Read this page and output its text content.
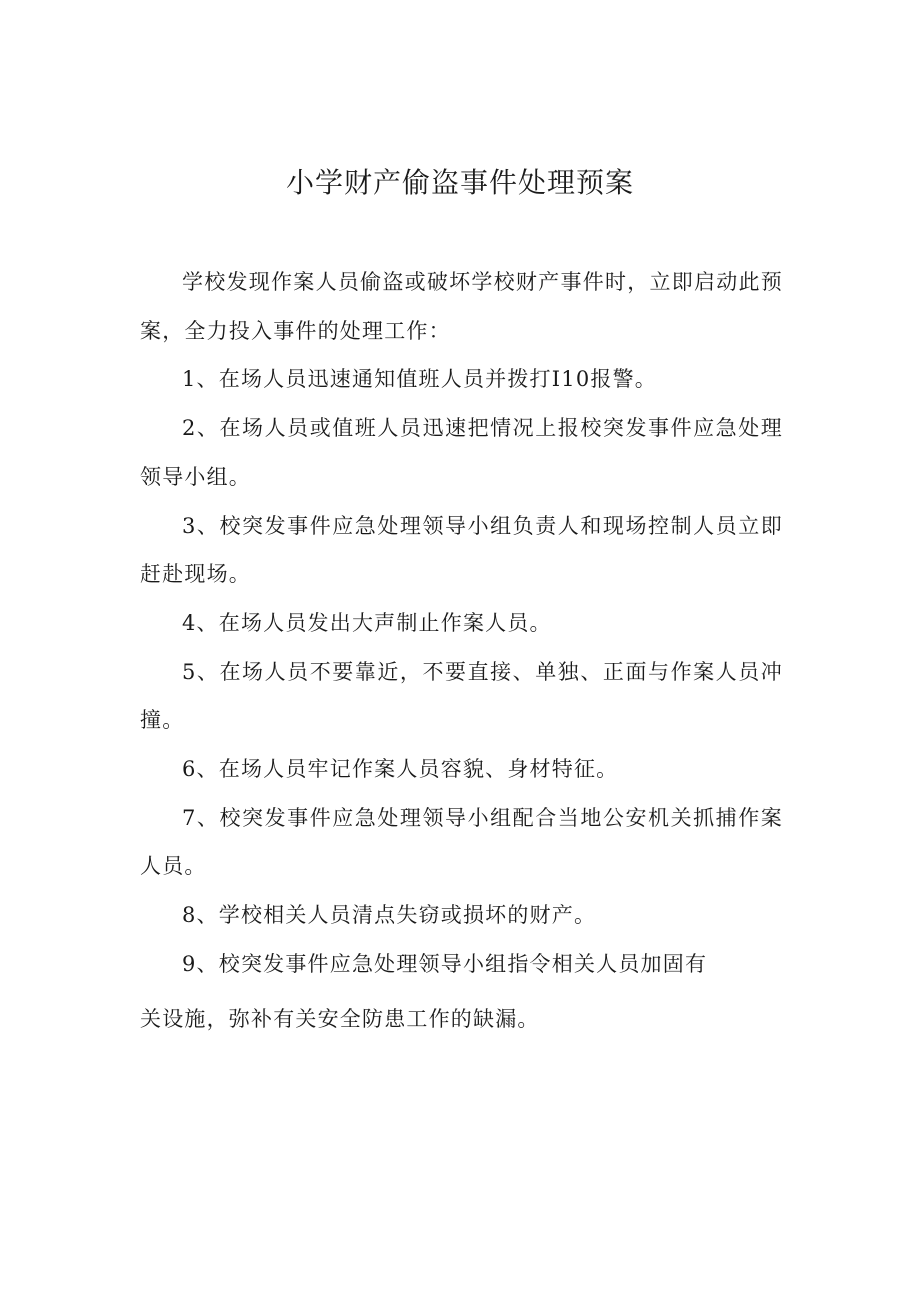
小学财产偷盗事件处理预案

学校发现作案人员偷盗或破坏学校财产事件时，立即启动此预案，全力投入事件的处理工作：

1、在场人员迅速通知值班人员并拨打I10报警。

2、在场人员或值班人员迅速把情况上报校突发事件应急处理领导小组。

3、校突发事件应急处理领导小组负责人和现场控制人员立即赶赴现场。

4、在场人员发出大声制止作案人员。

5、在场人员不要靠近，不要直接、单独、正面与作案人员冲撞。

6、在场人员牢记作案人员容貌、身材特征。

7、校突发事件应急处理领导小组配合当地公安机关抓捕作案人员。

8、学校相关人员清点失窃或损坏的财产。

9、校突发事件应急处理领导小组指令相关人员加固有

关设施，弥补有关安全防患工作的缺漏。
